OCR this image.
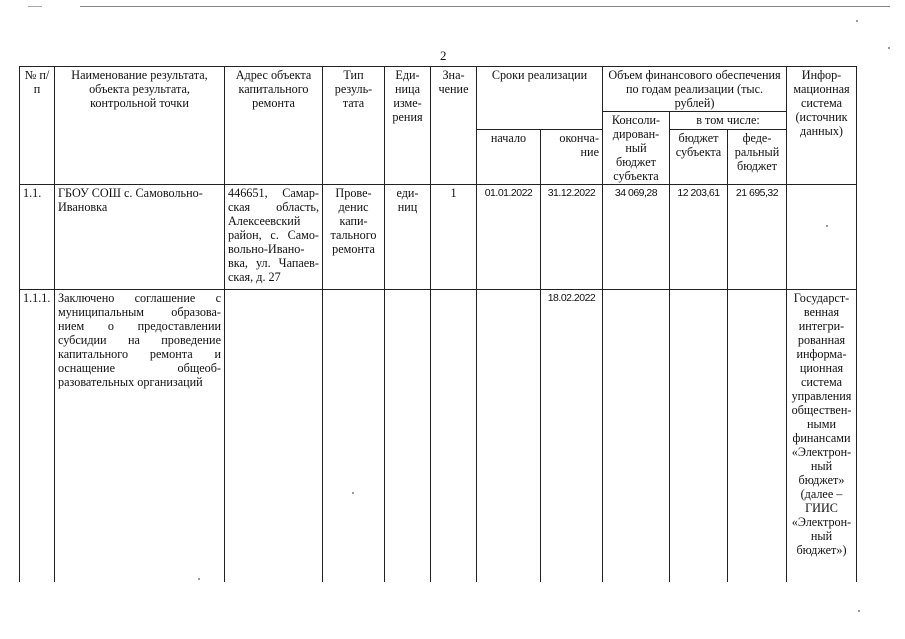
2
№ п/п	Наименование результата, объекта результата, контрольной точки	Адрес объекта капитального ремонта	Тип резуль-тата	Еди-ница изме-рения	Зна-чение	Сроки реализации		Объем финансового обеспечения по годам реализации (тыс. рублей)			Инфор-мационная система (источник данных)
								Консоли-дирован-ный бюджет субъекта	в том числе:		
						начало	оконча-ние		бюджет субъекта	феде-ральный бюджет	
1.1.	ГБОУ СОШ с. Самовольно-Ивановка	446651, Самар-ская область, Алексеевский район, с. Само-вольно-Ивано-вка, ул. Чапаев-ская, д. 27	Прове-денис капи-тального ремонта	еди-ниц	1	01.01.2022	31.12.2022	34 069,28	12 203,61	21 695,32	
1.1.1.	Заключено соглашение с муниципальным образова-нием о предоставлении субсидии на проведение капитального ремонта и оснащение общеоб-разовательных организаций						18.02.2022				Государст-венная интегри-рованная информа-ционная система управления обществен-ными финансами «Электрон-ный бюджет» (далее – ГИИС «Электрон-ный бюджет»)
